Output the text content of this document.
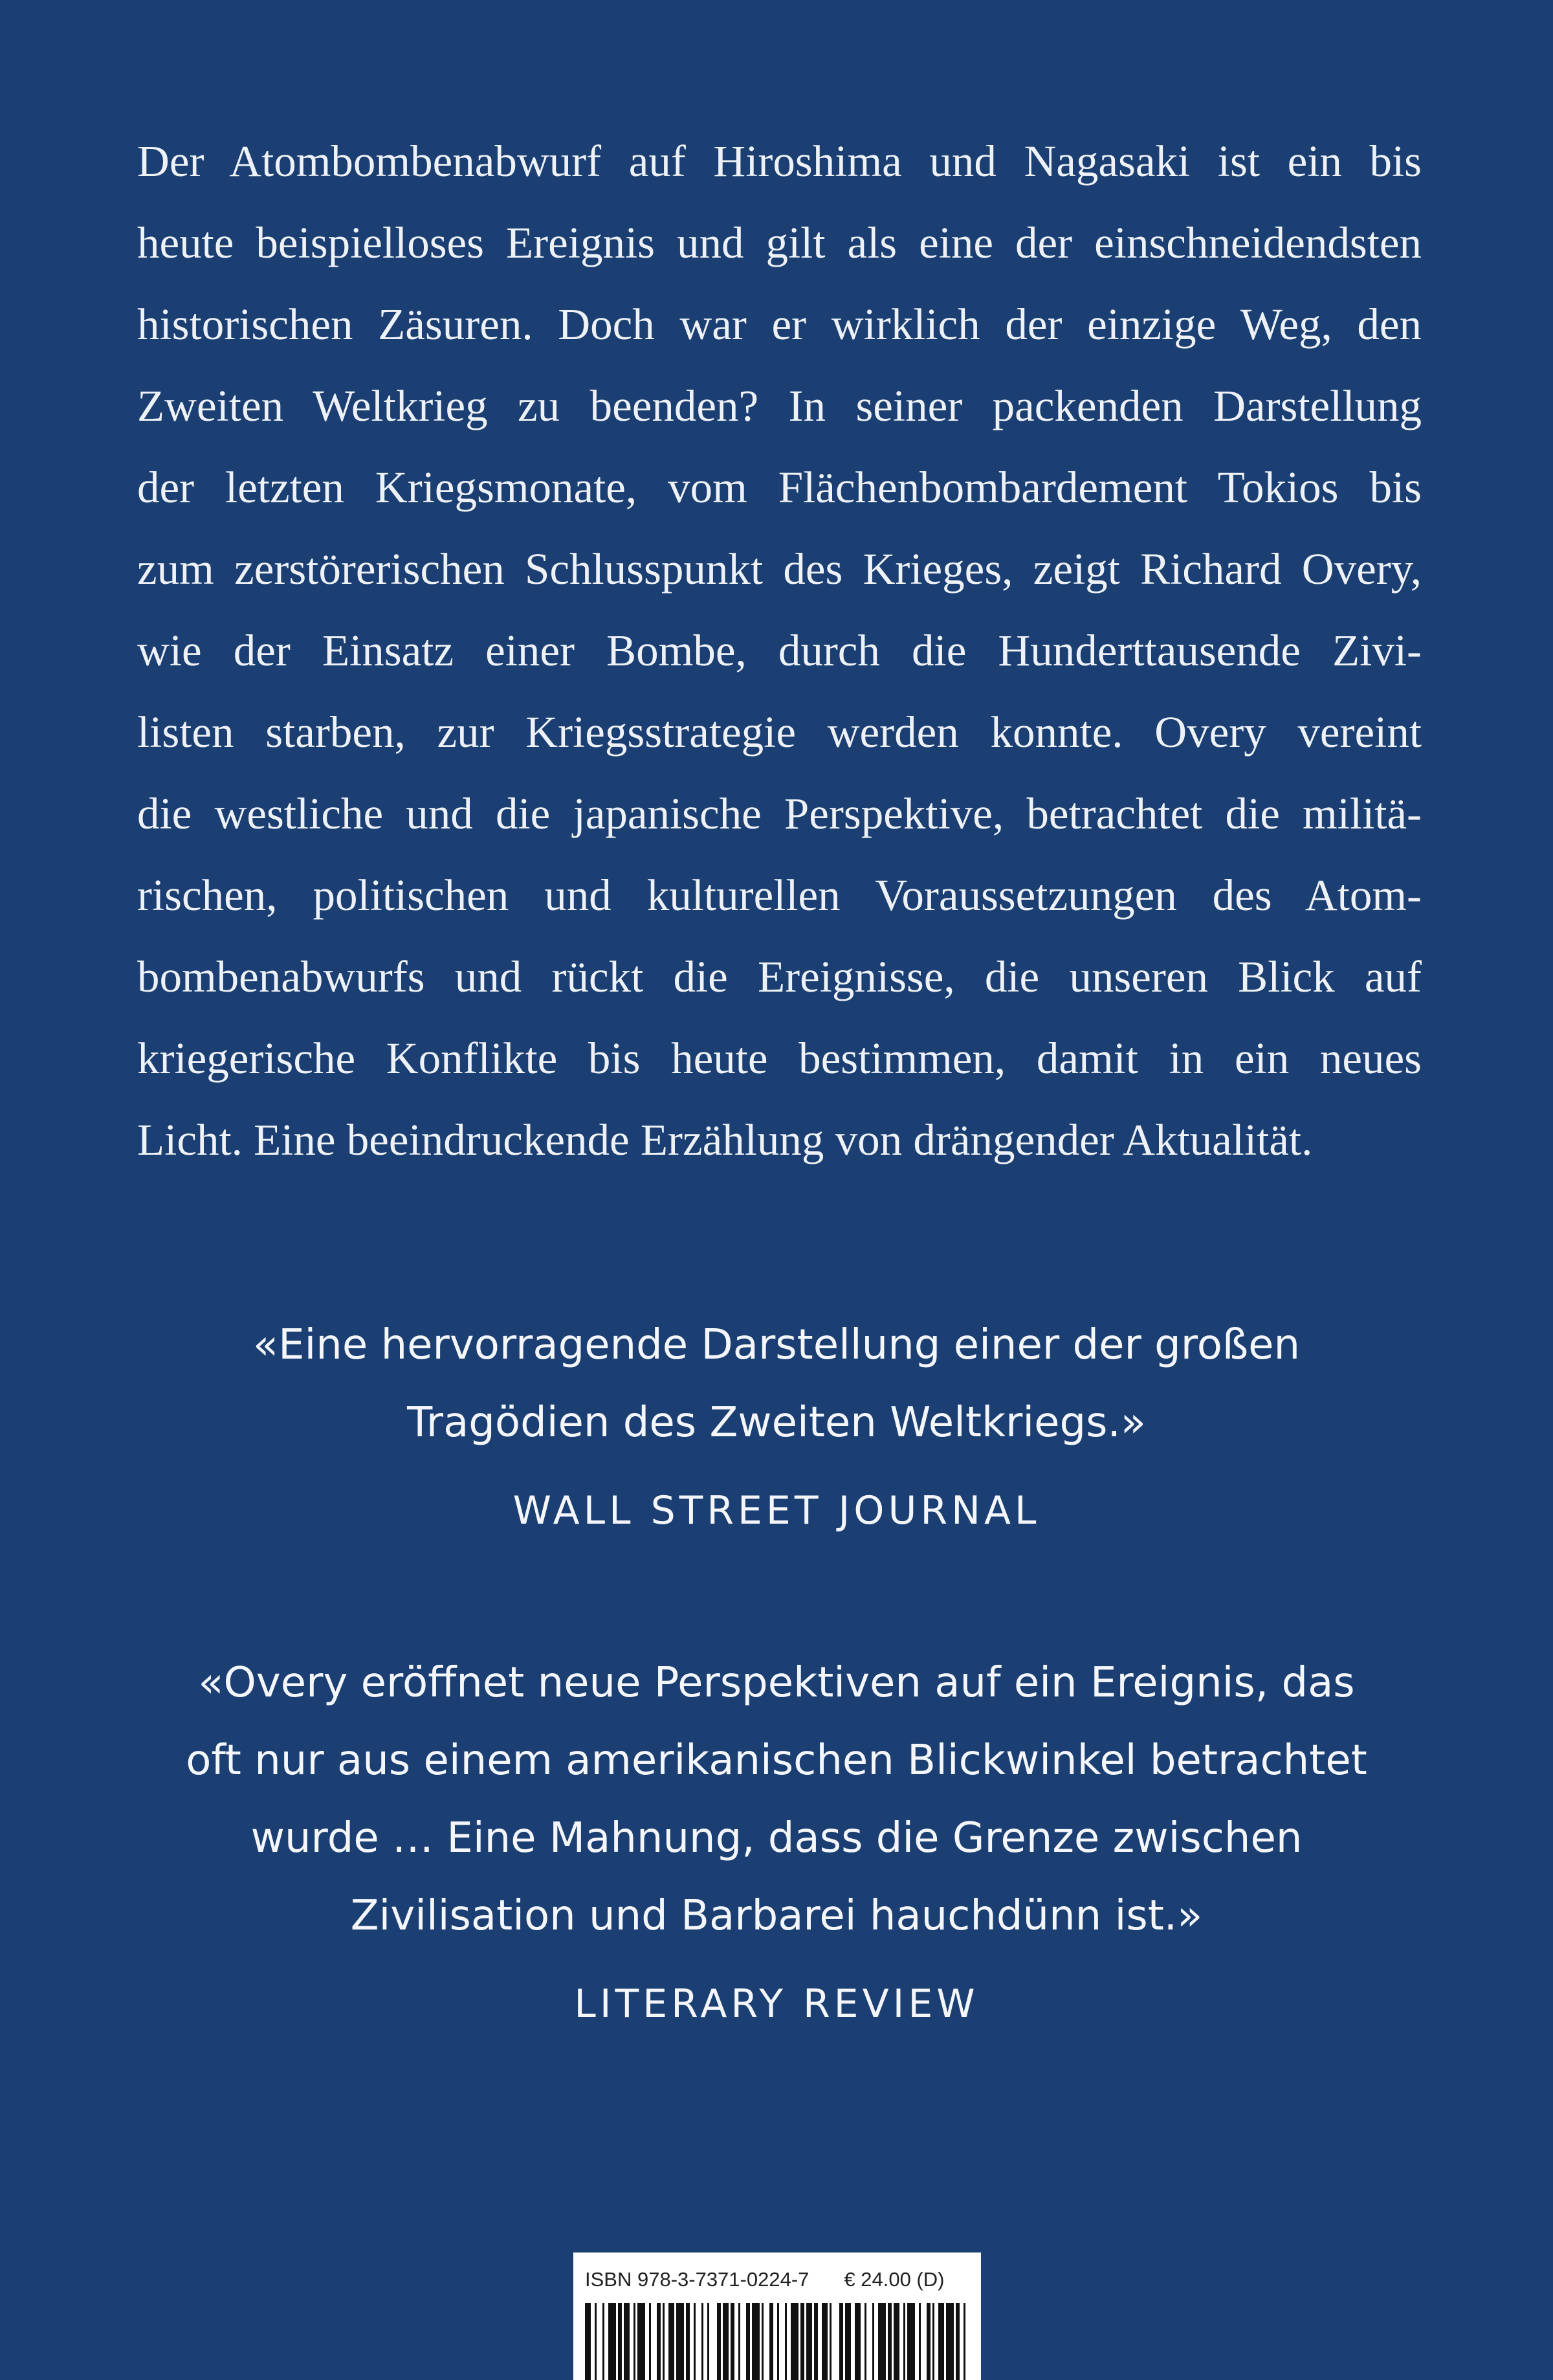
Der Atombombenabwurf auf Hiroshima und Nagasaki ist ein bis
heute beispielloses Ereignis und gilt als eine der einschneidendsten
historischen Zäsuren. Doch war er wirklich der einzige Weg, den
Zweiten Weltkrieg zu beenden? In seiner packenden Darstellung
der letzten Kriegsmonate, vom Flächenbombardement Tokios bis
zum zerstörerischen Schlusspunkt des Krieges, zeigt Richard Overy,
wie der Einsatz einer Bombe, durch die Hunderttausende Zivi-
listen starben, zur Kriegsstrategie werden konnte. Overy vereint
die westliche und die japanische Perspektive, betrachtet die militä-
rischen, politischen und kulturellen Voraussetzungen des Atom-
bombenabwurfs und rückt die Ereignisse, die unseren Blick auf
kriegerische Konflikte bis heute bestimmen, damit in ein neues
Licht. Eine beeindruckende Erzählung von drängender Aktualität.
«Eine hervorragende Darstellung einer der großen
Tragödien des Zweiten Weltkriegs.»
WALL STREET JOURNAL
«Overy eröffnet neue Perspektiven auf ein Ereignis, das
oft nur aus einem amerikanischen Blickwinkel betrachtet
wurde … Eine Mahnung, dass die Grenze zwischen
Zivilisation und Barbarei hauchdünn ist.»
LITERARY REVIEW
ISBN 978-3-7371-0224-7 € 24.00 (D)
